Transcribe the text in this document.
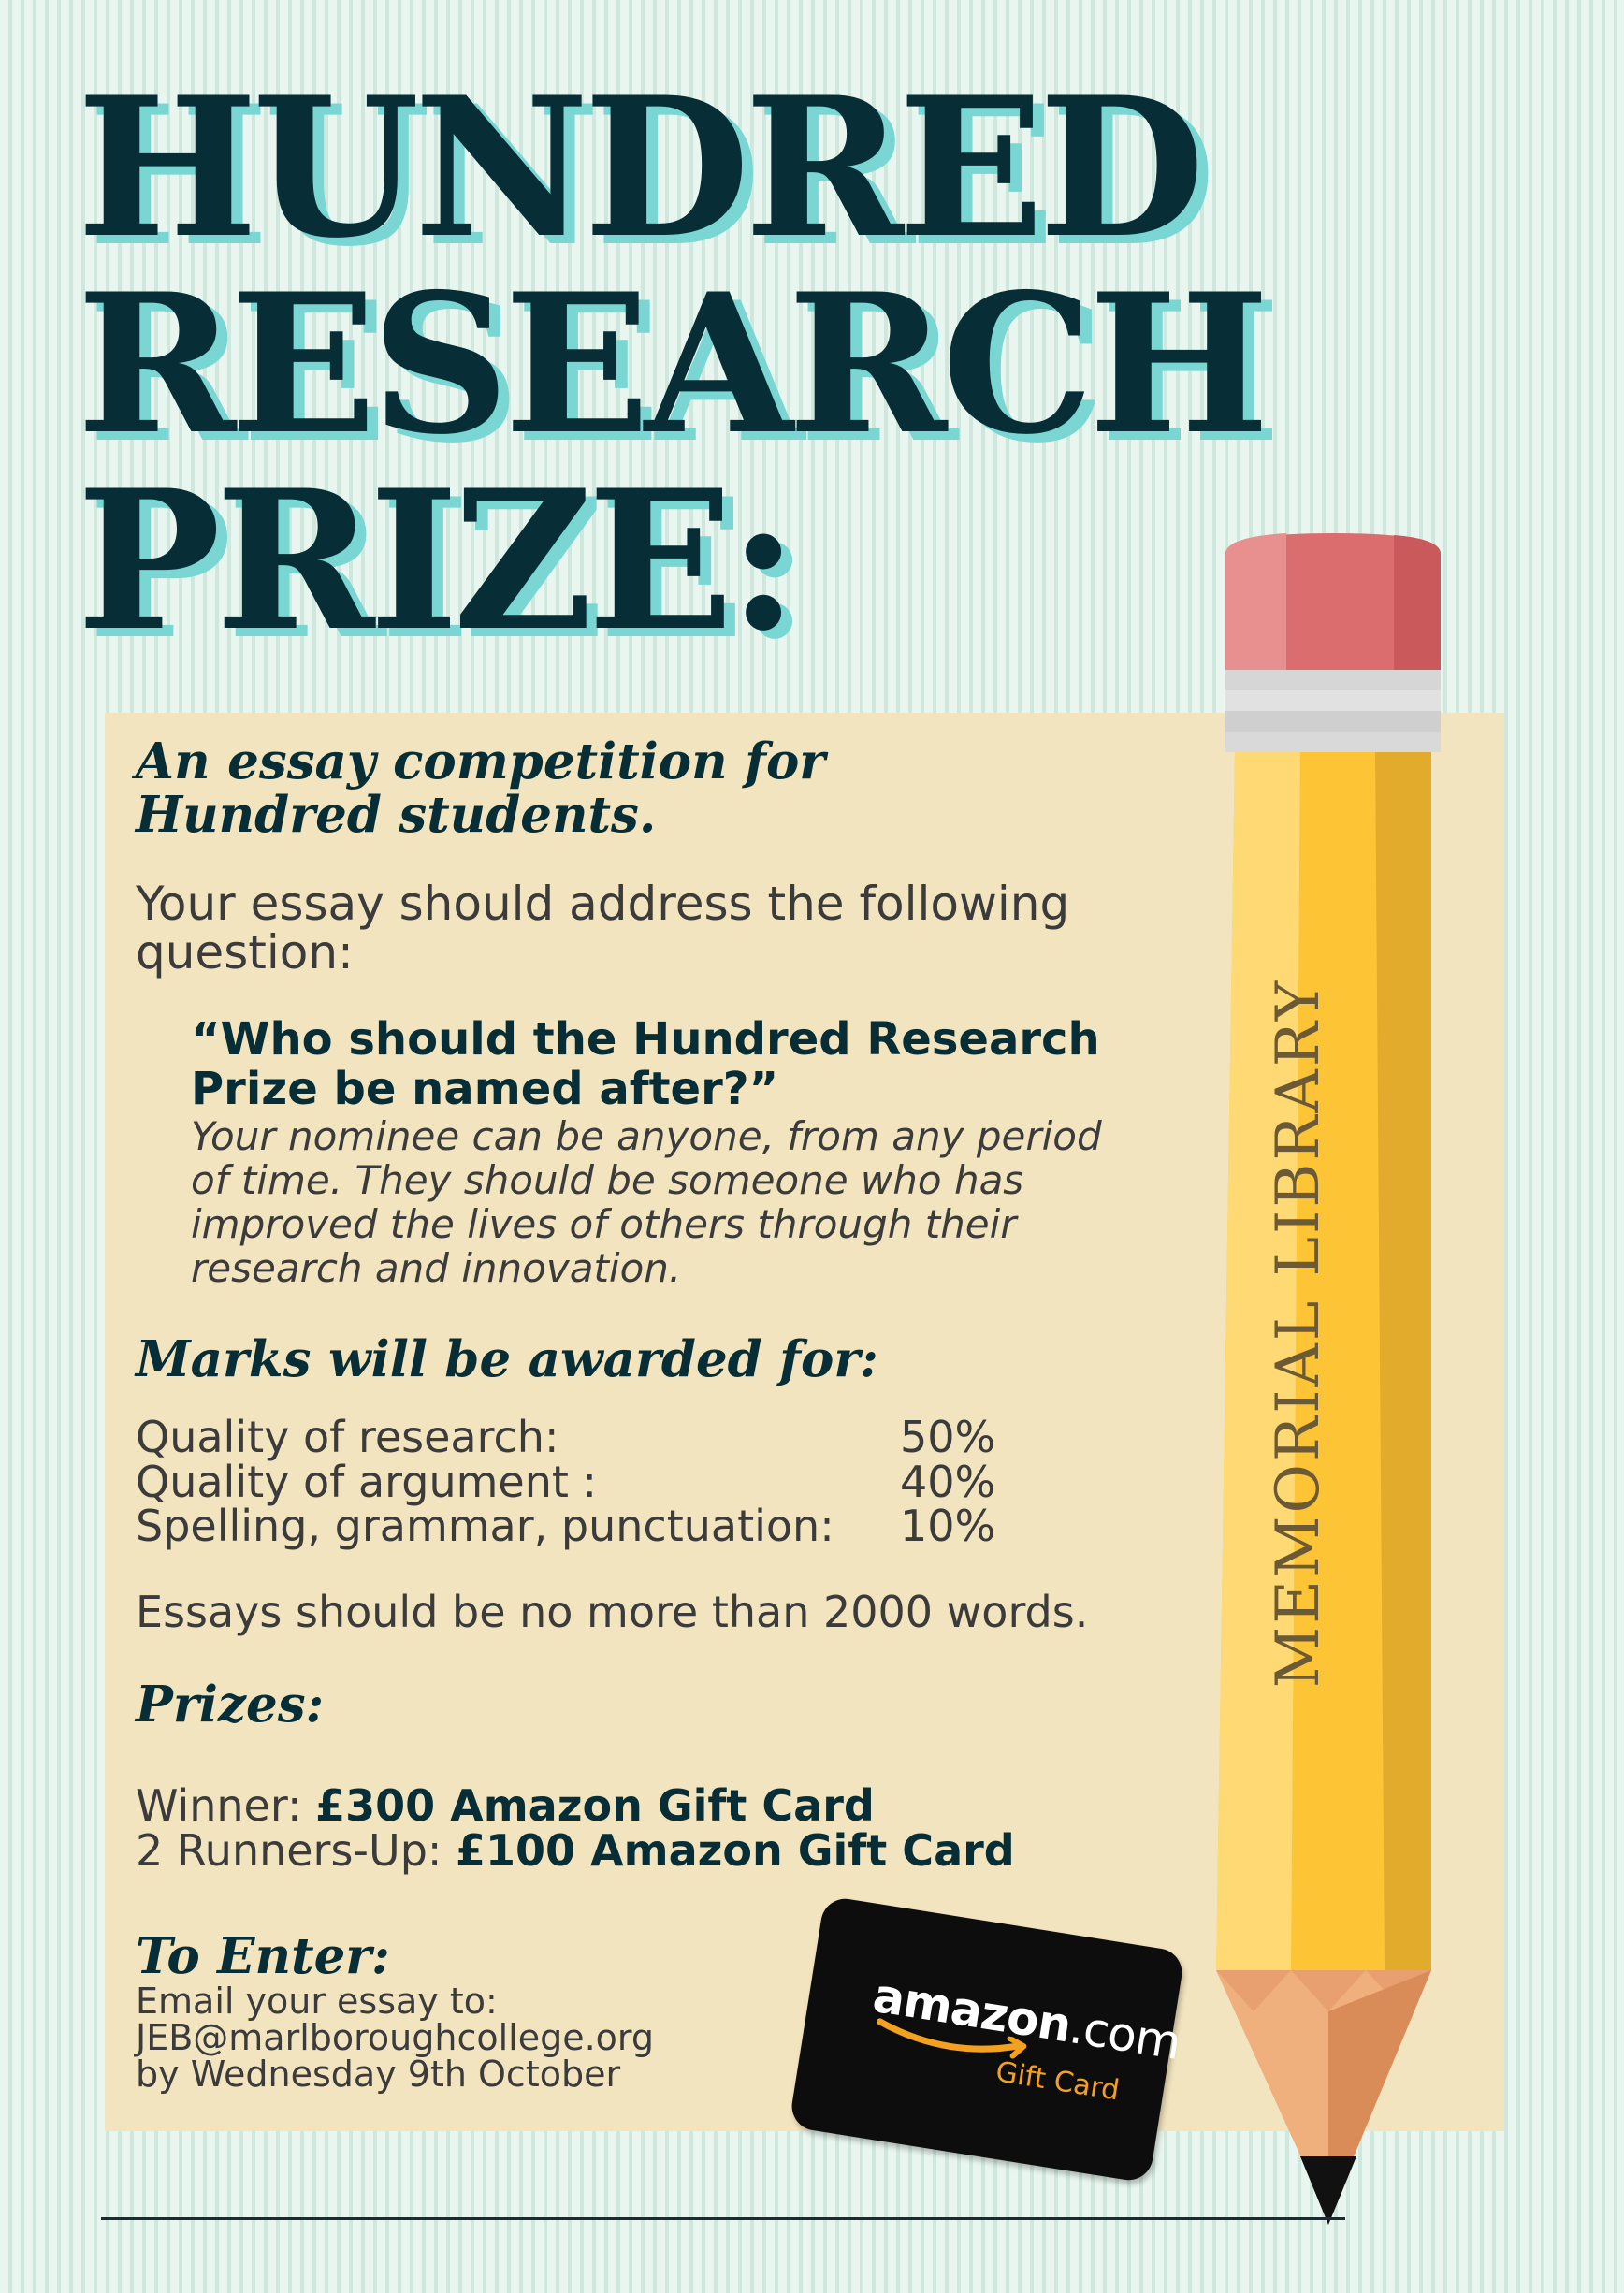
HUNDRED
RESEARCH
PRIZE:
An essay competition for
Hundred students.
Your essay should address the following
question:
“Who should the Hundred Research
Prize be named after?”
Your nominee can be anyone, from any period
of time. They should be someone who has
improved the lives of others through their
research and innovation.
Marks will be awarded for:
Quality of research:	50%
Quality of argument :	40%
Spelling, grammar, punctuation: 10%
Essays should be no more than 2000 words.
Prizes:
Winner: £300 Amazon Gift Card
2 Runners-Up: £100 Amazon Gift Card
To Enter:
Email your essay to:
JEB@marlboroughcollege.org
by Wednesday 9th October
amazon.com
Gift Card
MEMORIAL LIBRARY
